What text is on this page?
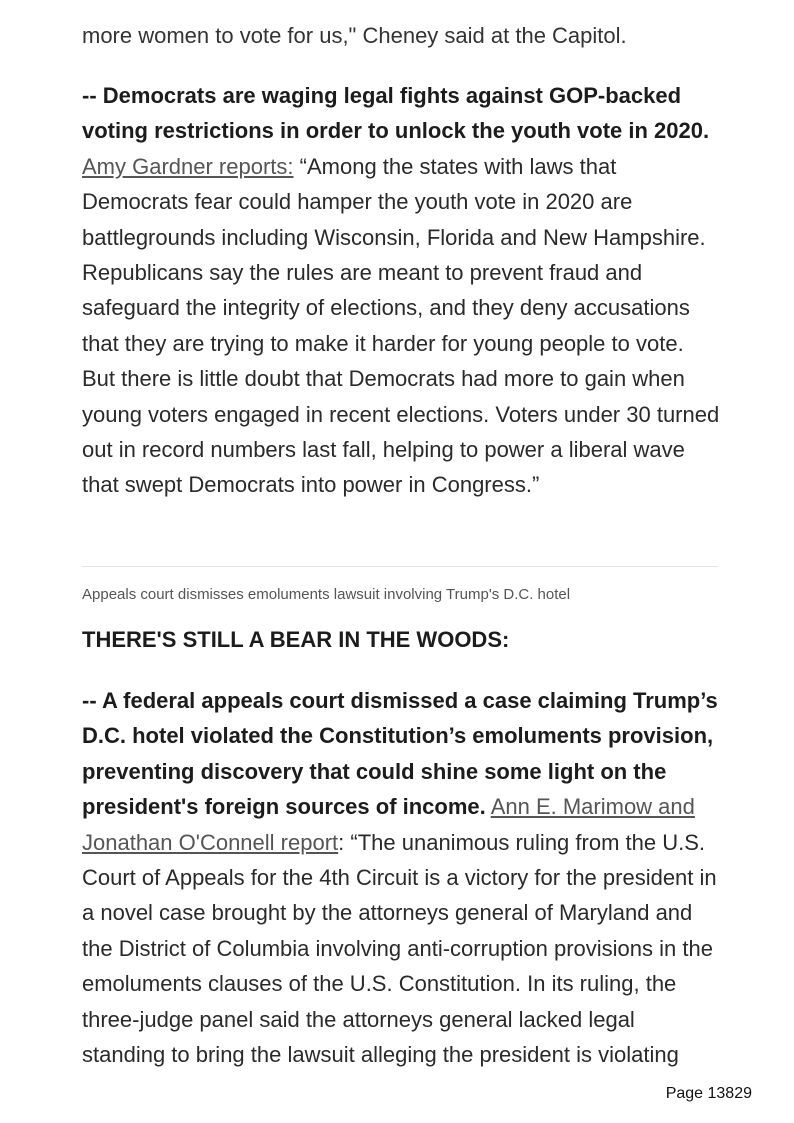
more women to vote for us," Cheney said at the Capitol.

-- Democrats are waging legal fights against GOP-backed voting restrictions in order to unlock the youth vote in 2020. Amy Gardner reports: “Among the states with laws that Democrats fear could hamper the youth vote in 2020 are battlegrounds including Wisconsin, Florida and New Hampshire. Republicans say the rules are meant to prevent fraud and safeguard the integrity of elections, and they deny accusations that they are trying to make it harder for young people to vote. But there is little doubt that Democrats had more to gain when young voters engaged in recent elections. Voters under 30 turned out in record numbers last fall, helping to power a liberal wave that swept Democrats into power in Congress.”

Appeals court dismisses emoluments lawsuit involving Trump's D.C. hotel
THERE'S STILL A BEAR IN THE WOODS:

-- A federal appeals court dismissed a case claiming Trump’s D.C. hotel violated the Constitution’s emoluments provision, preventing discovery that could shine some light on the president's foreign sources of income. Ann E. Marimow and Jonathan O'Connell report: “The unanimous ruling from the U.S. Court of Appeals for the 4th Circuit is a victory for the president in a novel case brought by the attorneys general of Maryland and the District of Columbia involving anti-corruption provisions in the emoluments clauses of the U.S. Constitution. In its ruling, the three-judge panel said the attorneys general lacked legal standing to bring the lawsuit alleging the president is violating

Page 13829
